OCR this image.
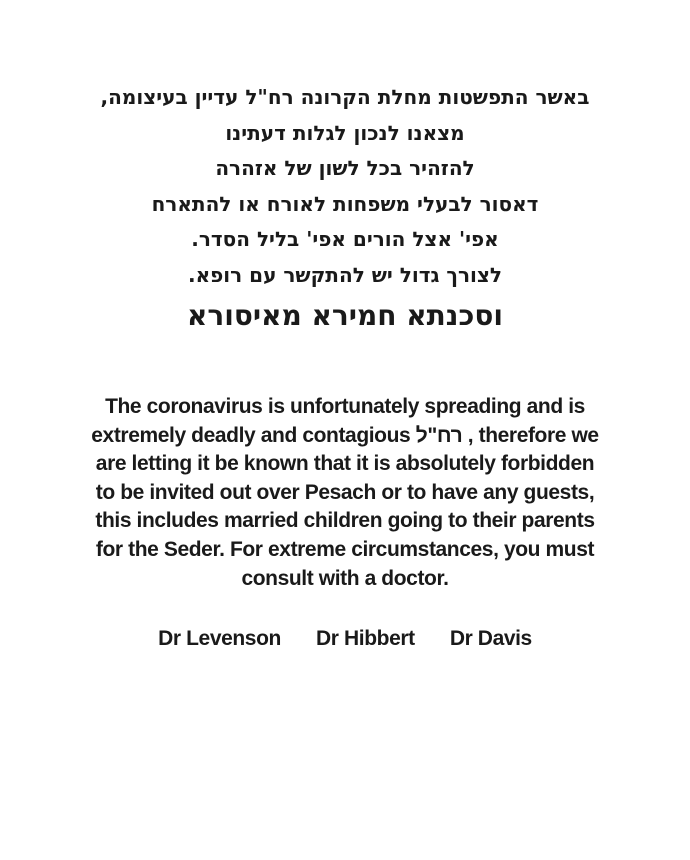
באשר התפשטות מחלת הקרונה רח"ל עדיין בעיצומה,
מצאנו לנכון לגלות דעתינו
להזהיר בכל לשון של אזהרה
דאסור לבעלי משפחות לאורח או להתארח
אפי' אצל הורים אפי' בליל הסדר.
לצורך גדול יש להתקשר עם רופא.
וסכנתא חמירא מאיסורא
The coronavirus is unfortunately spreading and is
extremely deadly and contagious רח"ל , therefore we
are letting it be known that it is absolutely forbidden
to be invited out over Pesach or to have any guests,
this includes married children going to their parents
for the Seder. For extreme circumstances, you must
consult with a doctor.
Dr Levenson Dr Hibbert Dr Davis
